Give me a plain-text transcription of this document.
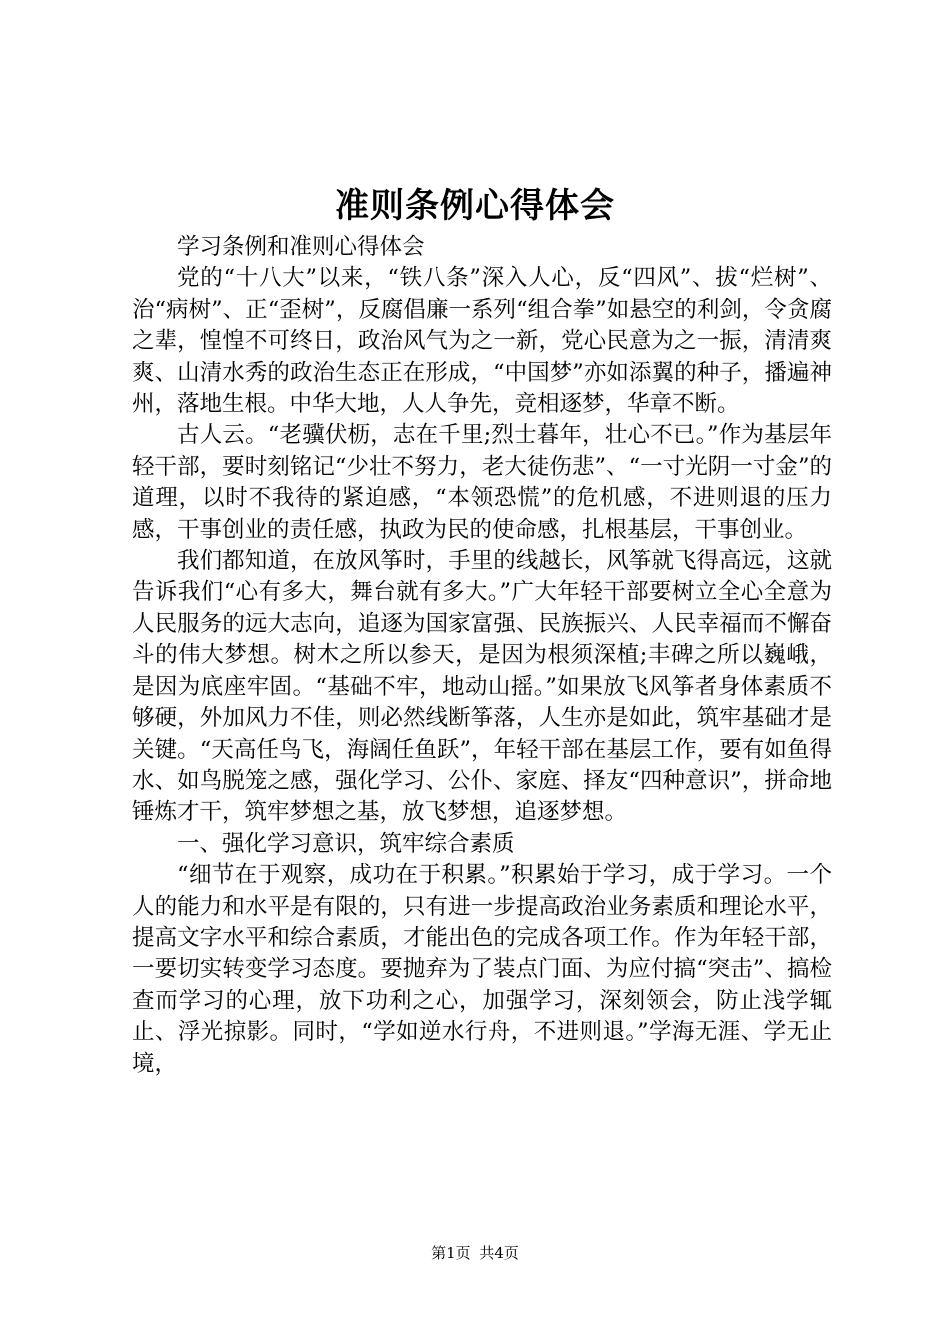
准则条例心得体会

学习条例和准则心得体会

党的“十八大”以来，“铁八条”深入人心，反“四风”、拔“烂树”、治“病树”、正“歪树”，反腐倡廉一系列“组合拳”如悬空的利剑，令贪腐之辈，惶惶不可终日，政治风气为之一新，党心民意为之一振，清清爽爽、山清水秀的政治生态正在形成，“中国梦”亦如添翼的种子，播遍神州，落地生根。中华大地，人人争先，竞相逐梦，华章不断。

古人云。“老骥伏枥，志在千里;烈士暮年，壮心不已。”作为基层年轻干部，要时刻铭记“少壮不努力，老大徒伤悲”、“一寸光阴一寸金”的道理，以时不我待的紧迫感，“本领恐慌”的危机感，不进则退的压力感，干事创业的责任感，执政为民的使命感，扎根基层，干事创业。

我们都知道，在放风筝时，手里的线越长，风筝就飞得高远，这就告诉我们“心有多大，舞台就有多大。”广大年轻干部要树立全心全意为人民服务的远大志向，追逐为国家富强、民族振兴、人民幸福而不懈奋斗的伟大梦想。树木之所以参天，是因为根须深植;丰碑之所以巍峨，是因为底座牢固。“基础不牢，地动山摇。”如果放飞风筝者身体素质不够硬，外加风力不佳，则必然线断筝落，人生亦是如此，筑牢基础才是关键。“天高任鸟飞，海阔任鱼跃”，年轻干部在基层工作，要有如鱼得水、如鸟脱笼之感，强化学习、公仆、家庭、择友“四种意识”，拼命地锤炼才干，筑牢梦想之基，放飞梦想，追逐梦想。

一、强化学习意识，筑牢综合素质

“细节在于观察，成功在于积累。”积累始于学习，成于学习。一个人的能力和水平是有限的，只有进一步提高政治业务素质和理论水平，提高文字水平和综合素质，才能出色的完成各项工作。作为年轻干部，一要切实转变学习态度。要抛弃为了装点门面、为应付搞“突击”、搞检查而学习的心理，放下功利之心，加强学习，深刻领会，防止浅学辄止、浮光掠影。同时，“学如逆水行舟，不进则退。”学海无涯、学无止境，

第1页 共4页
